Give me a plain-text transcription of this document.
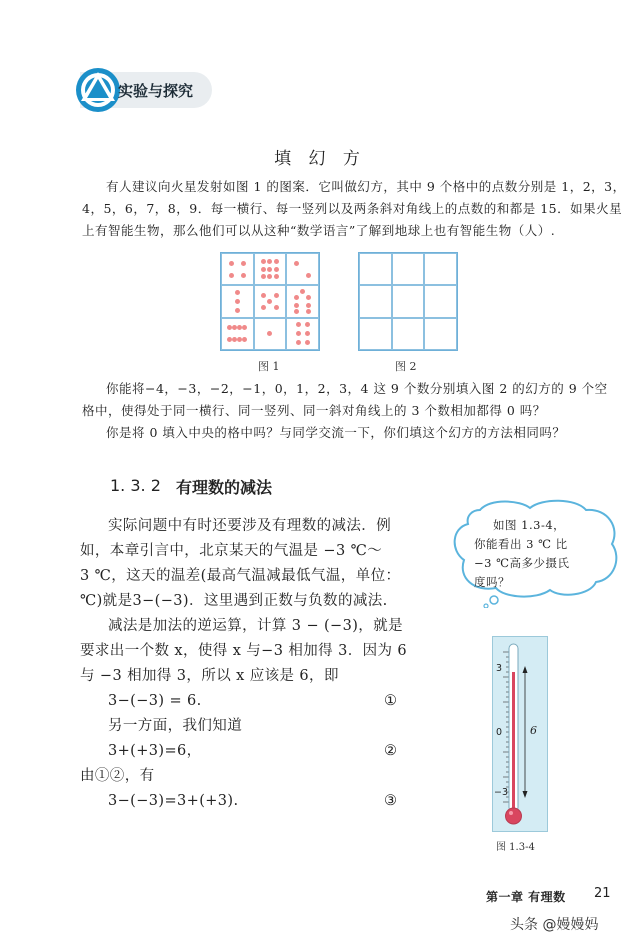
实验与探究
填 幻 方
有人建议向火星发射如图 1 的图案．它叫做幻方，其中 9 个格中的点数分别是 1，2，3，
4，5，6，7，8，9．每一横行、每一竖列以及两条斜对角线上的点数的和都是 15．如果火星
上有智能生物，那么他们可以从这种“数学语言”了解到地球上也有智能生物（人）.
图 1	图 2
你能将−4，−3，−2，−1，0，1，2，3，4 这 9 个数分别填入图 2 的幻方的 9 个空
格中，使得处于同一横行、同一竖列、同一斜对角线上的 3 个数相加都得 0 吗？
你是将 0 填入中央的格中吗？与同学交流一下，你们填这个幻方的方法相同吗？
1. 3. 2 有理数的减法
实际问题中有时还要涉及有理数的减法．例
如，本章引言中，北京某天的气温是 −3 ℃～
3 ℃，这天的温差(最高气温减最低气温，单位：
℃)就是3−(−3)．这里遇到正数与负数的减法.
减法是加法的逆运算，计算 3 − (−3)，就是
要求出一个数 x，使得 x 与−3 相加得 3．因为 6
与 −3 相加得 3，所以 x 应该是 6，即
3−(−3) = 6.	①
另一方面，我们知道
3+(+3)=6，	②
由①②，有
3−(−3)=3+(+3).	③
如图 1.3-4，
你能看出 3 ℃ 比
−3 ℃高多少摄氏
度吗？
3
0
−3
6
图 1.3-4
第一章 有理数 21
头条 @嫚嫚妈
